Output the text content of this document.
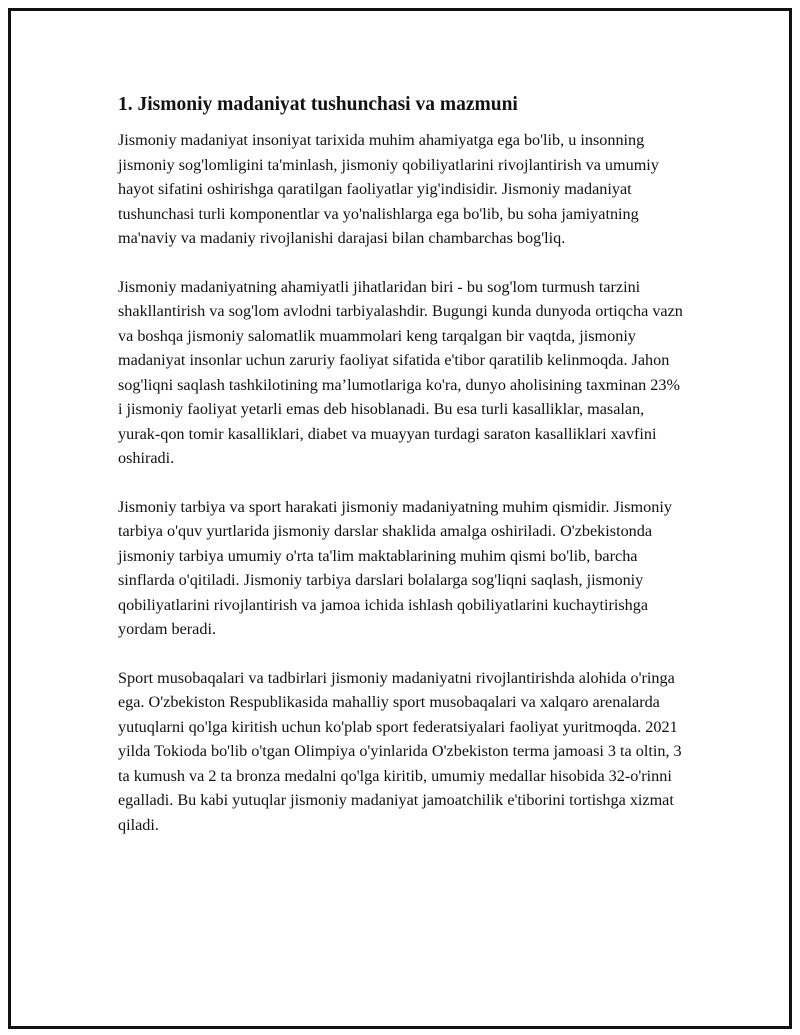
1. Jismoniy madaniyat tushunchasi va mazmuni

Jismoniy madaniyat insoniyat tarixida muhim ahamiyatga ega bo'lib, u insonning jismoniy sog'lomligini ta'minlash, jismoniy qobiliyatlarini rivojlantirish va umumiy hayot sifatini oshirishga qaratilgan faoliyatlar yig'indisidir. Jismoniy madaniyat tushunchasi turli komponentlar va yo'nalishlarga ega bo'lib, bu soha jamiyatning ma'naviy va madaniy rivojlanishi darajasi bilan chambarchas bog'liq.

Jismoniy madaniyatning ahamiyatli jihatlaridan biri - bu sog'lom turmush tarzini shakllantirish va sog'lom avlodni tarbiyalashdir. Bugungi kunda dunyoda ortiqcha vazn va boshqa jismoniy salomatlik muammolari keng tarqalgan bir vaqtda, jismoniy madaniyat insonlar uchun zaruriy faoliyat sifatida e'tibor qaratilib kelinmoqda. Jahon sog'liqni saqlash tashkilotining ma’lumotlariga ko'ra, dunyo aholisining taxminan 23% i jismoniy faoliyat yetarli emas deb hisoblanadi. Bu esa turli kasalliklar, masalan, yurak-qon tomir kasalliklari, diabet va muayyan turdagi saraton kasalliklari xavfini oshiradi.

Jismoniy tarbiya va sport harakati jismoniy madaniyatning muhim qismidir. Jismoniy tarbiya o'quv yurtlarida jismoniy darslar shaklida amalga oshiriladi. O'zbekistonda jismoniy tarbiya umumiy o'rta ta'lim maktablarining muhim qismi bo'lib, barcha sinflarda o'qitiladi. Jismoniy tarbiya darslari bolalarga sog'liqni saqlash, jismoniy qobiliyatlarini rivojlantirish va jamoa ichida ishlash qobiliyatlarini kuchaytirishga yordam beradi.

Sport musobaqalari va tadbirlari jismoniy madaniyatni rivojlantirishda alohida o'ringa ega. O'zbekiston Respublikasida mahalliy sport musobaqalari va xalqaro arenalarda yutuqlarni qo'lga kiritish uchun ko'plab sport federatsiyalari faoliyat yuritmoqda. 2021 yilda Tokioda bo'lib o'tgan Olimpiya o'yinlarida O'zbekiston terma jamoasi 3 ta oltin, 3 ta kumush va 2 ta bronza medalni qo'lga kiritib, umumiy medallar hisobida 32-o'rinni egalladi. Bu kabi yutuqlar jismoniy madaniyat jamoatchilik e'tiborini tortishga xizmat qiladi.
